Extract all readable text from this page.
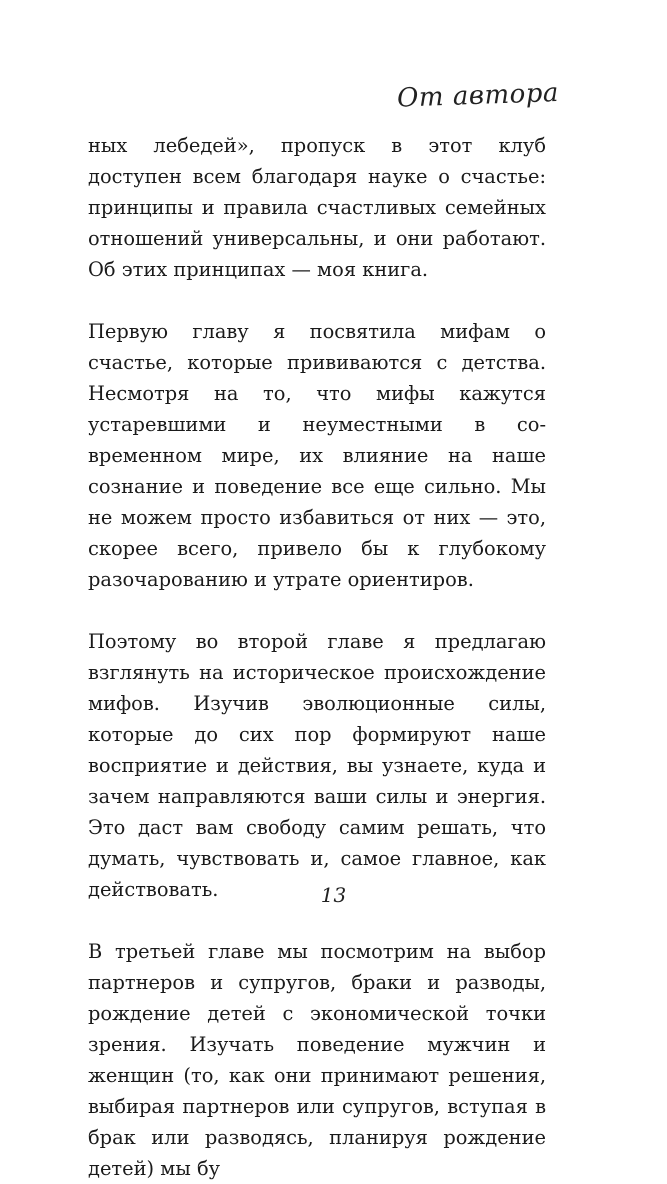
От автора

ных лебедей», пропуск в этот клуб доступен всем благодаря науке о счастье: принципы и правила счастливых семейных отношений универсальны, и они работают. Об этих принципах — моя книга.

Первую главу я посвятила мифам о счастье, которые прививаются с детства. Несмотря на то, что мифы кажутся устаревшими и неуместными в современном мире, их влияние на наше сознание и поведение все еще сильно. Мы не можем просто избавиться от них — это, скорее всего, привело бы к глубокому разочарованию и утрате ориентиров.

Поэтому во второй главе я предлагаю взглянуть на историческое происхождение мифов. Изучив эволюционные силы, которые до сих пор формируют наше восприятие и действия, вы узнаете, куда и зачем направляются ваши силы и энергия. Это даст вам свободу самим решать, что думать, чувствовать и, самое главное, как действовать.

В третьей главе мы посмотрим на выбор партнеров и супругов, браки и разводы, рождение детей с экономической точки зрения. Изучать поведение мужчин и женщин (то, как они принимают решения, выбирая партнеров или супругов, вступая в брак или разводясь, планируя рождение детей) мы бу

13
